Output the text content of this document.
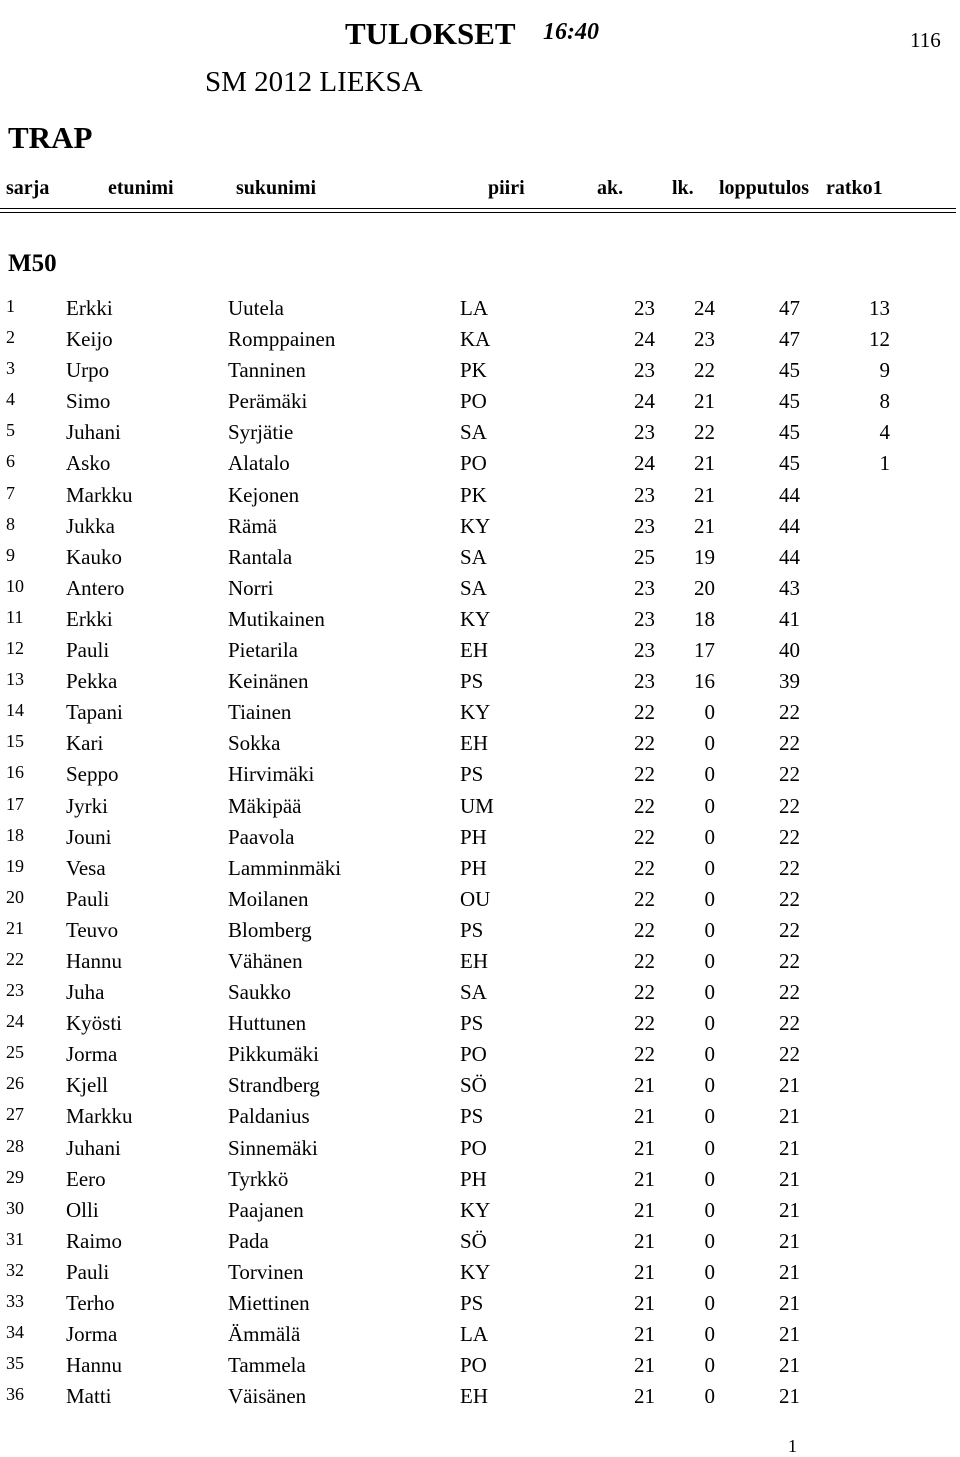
TULOKSET 16:40	116
SM 2012 LIEKSA
TRAP
sarja	etunimi	sukunimi	piiri	ak. lk. lopputulos ratko1
M50
1 Erkki	Uutela	LA	23 24	47	13
2 Keijo	Romppainen	KA	24 23	47	12
3 Urpo	Tanninen	PK	23 22	45	9
4 Simo	Perämäki	PO	24 21	45	8
5 Juhani	Syrjätie	SA	23 22	45	4
6 Asko	Alatalo	PO	24 21	45	1
7 Markku	Kejonen	PK	23 21	44
8 Jukka	Rämä	KY	23 21	44
9 Kauko	Rantala	SA	25 19	44
10 Antero	Norri	SA	23 20	43
11 Erkki	Mutikainen	KY	23 18	41
12 Pauli	Pietarila	EH	23 17	40
13 Pekka	Keinänen	PS	23 16	39
14 Tapani	Tiainen	KY	22 0	22
15 Kari	Sokka	EH	22 0	22
16 Seppo	Hirvimäki	PS	22 0	22
17 Jyrki	Mäkipää	UM	22 0	22
18 Jouni	Paavola	PH	22 0	22
19 Vesa	Lamminmäki	PH	22 0	22
20 Pauli	Moilanen	OU	22 0	22
21 Teuvo	Blomberg	PS	22 0	22
22 Hannu	Vähänen	EH	22 0	22
23 Juha	Saukko	SA	22 0	22
24 Kyösti	Huttunen	PS	22 0	22
25 Jorma	Pikkumäki	PO	22 0	22
26 Kjell	Strandberg	SÖ	21 0	21
27 Markku	Paldanius	PS	21 0	21
28 Juhani	Sinnemäki	PO	21 0	21
29 Eero	Tyrkkö	PH	21 0	21
30 Olli	Paajanen	KY	21 0	21
31 Raimo	Pada	SÖ	21 0	21
32 Pauli	Torvinen	KY	21 0	21
33 Terho	Miettinen	PS	21 0	21
34 Jorma	Ämmälä	LA	21 0	21
35 Hannu	Tammela	PO	21 0	21
36 Matti	Väisänen	EH	21 0	21
1
